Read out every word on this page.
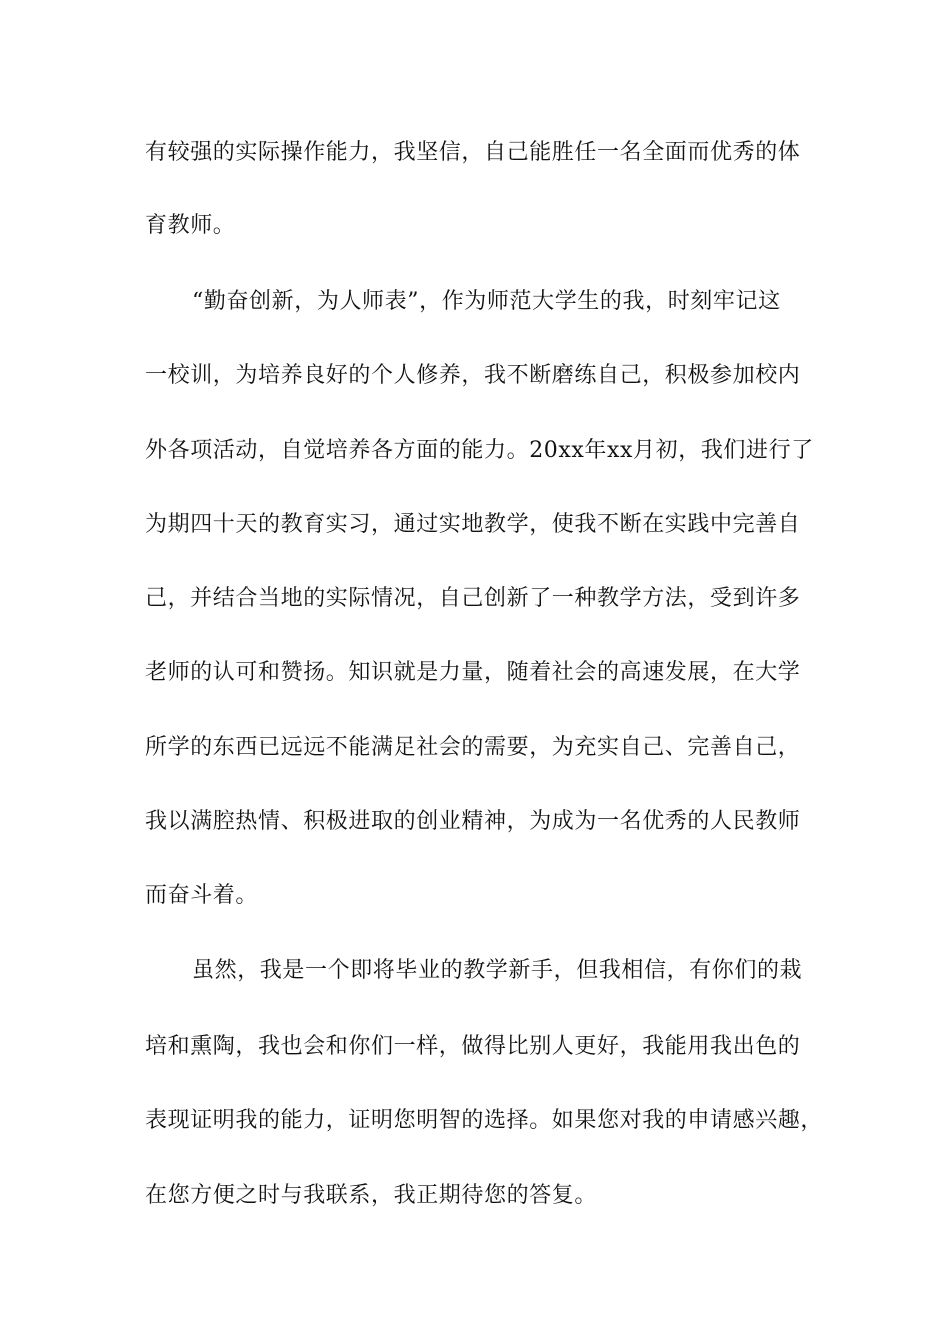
有较强的实际操作能力，我坚信，自己能胜任一名全面而优秀的体
育教师。
“勤奋创新，为人师表”，作为师范大学生的我，时刻牢记这
一校训，为培养良好的个人修养，我不断磨练自己，积极参加校内
外各项活动，自觉培养各方面的能力。20xx年xx月初，我们进行了
为期四十天的教育实习，通过实地教学，使我不断在实践中完善自
己，并结合当地的实际情况，自己创新了一种教学方法，受到许多
老师的认可和赞扬。知识就是力量，随着社会的高速发展，在大学
所学的东西已远远不能满足社会的需要，为充实自己、完善自己，
我以满腔热情、积极进取的创业精神，为成为一名优秀的人民教师
而奋斗着。
虽然，我是一个即将毕业的教学新手，但我相信，有你们的栽
培和熏陶，我也会和你们一样，做得比别人更好，我能用我出色的
表现证明我的能力，证明您明智的选择。如果您对我的申请感兴趣，
在您方便之时与我联系，我正期待您的答复。
